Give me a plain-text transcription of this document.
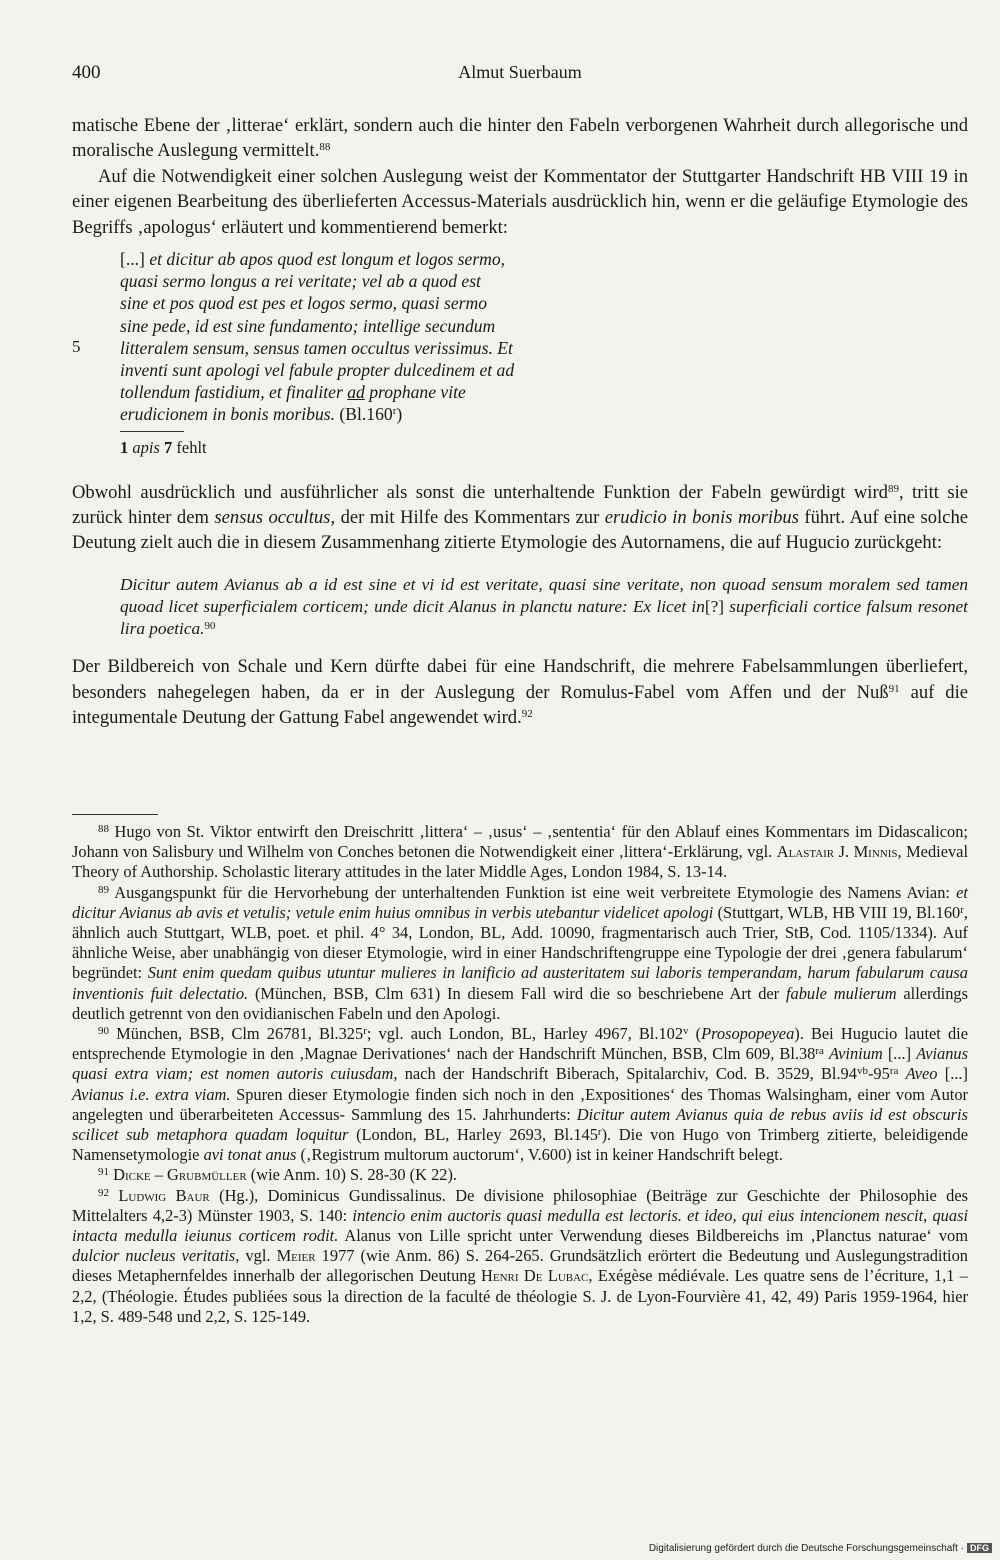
400	Almut Suerbaum

matische Ebene der ‚litterae‘ erklärt, sondern auch die hinter den Fabeln verborgenen Wahrheit durch allegorische und moralische Auslegung vermittelt.$^{88}$

Auf die Notwendigkeit einer solchen Auslegung weist der Kommentator der Stuttgarter Handschrift HB VIII 19 in einer eigenen Bearbeitung des überlieferten Accessus-Materials ausdrücklich hin, wenn er die geläufige Etymologie des Begriffs ‚apologus‘ erläutert und kommentierend bemerkt:

5
[...] et dicitur ab apos quod est longum et logos sermo,
quasi sermo longus a rei veritate; vel ab a quod est
sine et pos quod est pes et logos sermo, quasi sermo
sine pede, id est sine fundamento; intellige secundum
litteralem sensum, sensus tamen occultus verissimus. Et
inventi sunt apologi vel fabule propter dulcedinem et ad
tollendum fastidium, et finaliter ad prophane vite
erudicionem in bonis moribus. (Bl.160$^r$)
1 apis 7 fehlt

Obwohl ausdrücklich und ausführlicher als sonst die unterhaltende Funktion der Fabeln gewürdigt wird$^{89}$, tritt sie zurück hinter dem sensus occultus, der mit Hilfe des Kommentars zur erudicio in bonis moribus führt. Auf eine solche Deutung zielt auch die in diesem Zusammenhang zitierte Etymologie des Autornamens, die auf Hugucio zurückgeht:

Dicitur autem Avianus ab a id est sine et vi id est veritate, quasi sine veritate, non quoad sensum moralem sed tamen quoad licet superficialem corticem; unde dicit Alanus in planctu nature: Ex licet in[?] superficiali cortice falsum resonet lira poetica.$^{90}$

Der Bildbereich von Schale und Kern dürfte dabei für eine Handschrift, die mehrere Fabelsammlungen überliefert, besonders nahegelegen haben, da er in der Auslegung der Romulus-Fabel vom Affen und der Nuß$^{91}$ auf die integumentale Deutung der Gattung Fabel angewendet wird.$^{92}$

$^{88}$ Hugo von St. Viktor entwirft den Dreischritt ‚littera‘ – ‚usus‘ – ‚sententia‘ für den Ablauf eines Kommentars im Didascalicon; Johann von Salisbury und Wilhelm von Conches betonen die Notwendigkeit einer ‚littera‘-Erklärung, vgl. Alastair J. Minnis, Medieval Theory of Authorship. Scholastic literary attitudes in the later Middle Ages, London 1984, S. 13-14.

$^{89}$ Ausgangspunkt für die Hervorhebung der unterhaltenden Funktion ist eine weit verbreitete Etymologie des Namens Avian: et dicitur Avianus ab avis et vetulis; vetule enim huius omnibus in verbis utebantur videlicet apologi (Stuttgart, WLB, HB VIII 19, Bl.160$^r$, ähnlich auch Stuttgart, WLB, poet. et phil. 4° 34, London, BL, Add. 10090, fragmentarisch auch Trier, StB, Cod. 1105/1334). Auf ähnliche Weise, aber unabhängig von dieser Etymologie, wird in einer Handschriftengruppe eine Typologie der drei ‚genera fabularum‘ begründet: Sunt enim quedam quibus utuntur mulieres in lanificio ad austeritatem sui laboris temperandam, harum fabularum causa inventionis fuit delectatio. (München, BSB, Clm 631) In diesem Fall wird die so beschriebene Art der fabule mulierum allerdings deutlich getrennt von den ovidianischen Fabeln und den Apologi.

$^{90}$ München, BSB, Clm 26781, Bl.325$^r$; vgl. auch London, BL, Harley 4967, Bl.102$^v$ (Prosopopeyea). Bei Hugucio lautet die entsprechende Etymologie in den ‚Magnae Derivationes‘ nach der Handschrift München, BSB, Clm 609, $Bl.38^{ra}$ Avinium [...] Avianus quasi extra viam; est nomen autoris cuiusdam, nach der Handschrift Biberach, Spitalarchiv, Cod. B. 3529, $Bl.94^{vb}-95^{ra}$ Aveo [...] Avianus i.e. extra viam. Spuren dieser Etymologie finden sich noch in den ‚Expositiones‘ des Thomas Walsingham, einer vom Autor angelegten und überarbeiteten Accessus- Sammlung des 15. Jahrhunderts: Dicitur autem Avianus quia de rebus aviis id est obscuris scilicet sub metaphora quadam loquitur (London, BL, Harley 2693, Bl.145$^r$). Die von Hugo von Trimberg zitierte, beleidigende Namensetymologie avi tonat anus (‚Registrum multorum auctorum‘, V.600) ist in keiner Handschrift belegt.

$^{91}$ Dicke – Grubmüller (wie Anm. 10) S. 28-30 (K 22).

$^{92}$ Ludwig Baur (Hg.), Dominicus Gundissalinus. De divisione philosophiae (Beiträge zur Geschichte der Philosophie des Mittelalters 4,2-3) Münster 1903, S. 140: intencio enim auctoris quasi medulla est lectoris. et ideo, qui eius intencionem nescit, quasi intacta medulla ieiunus corticem rodit. Alanus von Lille spricht unter Verwendung dieses Bildbereichs im ‚Planctus naturae‘ vom dulcior nucleus veritatis, vgl. Meier 1977 (wie Anm. 86) S. 264-265. Grundsätzlich erörtert die Bedeutung und Auslegungstradition dieses Metaphernfeldes innerhalb der allegorischen Deutung Henri De Lubac, Exégèse médiévale. Les quatre sens de l’écriture, 1,1 – 2,2, (Théologie. Études publiées sous la direction de la faculté de théologie S. J. de Lyon-Fourvière 41, 42, 49) Paris 1959-1964, hier 1,2, S. 489-548 und 2,2, S. 125-149.

Digitalisierung gefördert durch die Deutsche Forschungsgemeinschaft · DFG
